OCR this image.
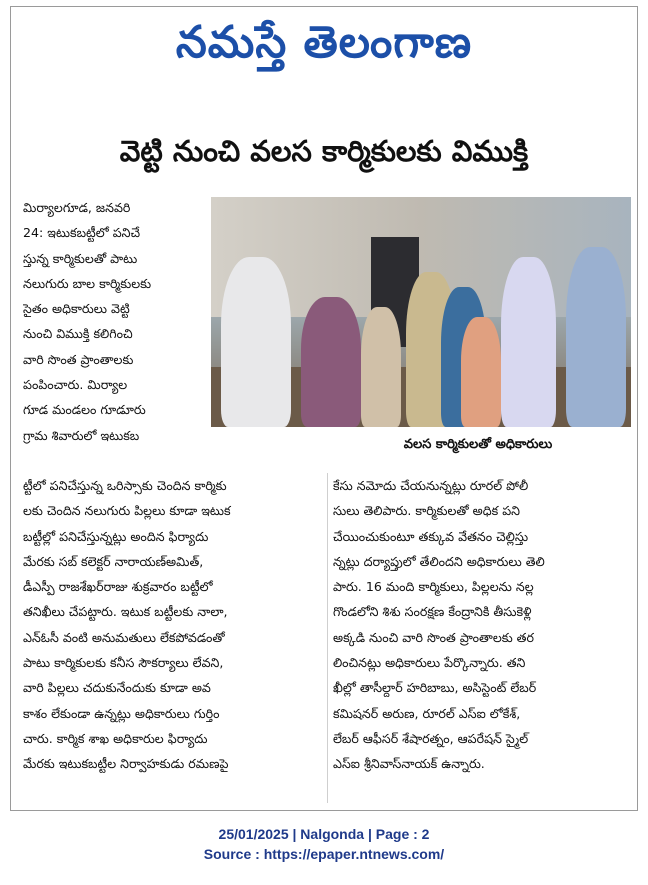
నమస్తే తెలంగాణ
వెట్టి నుంచి వలస కార్మికులకు విముక్తి
మిర్యాలగూడ, జనవరి
24: ఇటుకబట్టీలో పనిచే
స్తున్న కార్మికులతో పాటు
నలుగురు బాల కార్మికులకు
సైతం అధికారులు వెట్టి
నుంచి విముక్తి కలిగించి
వారి సొంత ప్రాంతాలకు
పంపించారు. మిర్యాల
గూడ మండలం గూడూరు
గ్రామ శివారులో ఇటుకబ
వలస కార్మికులతో అధికారులు
ట్టీలో పనిచేస్తున్న ఒరిస్సాకు చెందిన కార్మికు
లకు చెందిన నలుగురు పిల్లలు కూడా ఇటుక
బట్టీల్లో పనిచేస్తున్నట్లు అందిన ఫిర్యాదు
మేరకు సబ్ కలెక్టర్ నారాయణ్అమిత్,
డీఎస్పీ రాజశేఖర్‌రాజు శుక్రవారం బట్టీలో
తనిఖీలు చేపట్టారు. ఇటుక బట్టీలకు నాలా,
ఎన్‌ఓసీ వంటి అనుమతులు లేకపోవడంతో
పాటు కార్మికులకు కనీస సౌకర్యాలు లేవని,
వారి పిల్లలు చదుకునేందుకు కూడా అవ
కాశం లేకుండా ఉన్నట్లు అధికారులు గుర్తిం
చారు. కార్మిక శాఖ అధికారుల ఫిర్యాదు
మేరకు ఇటుకబట్టీల నిర్వాహకుడు రమణపై
కేసు నమోదు చేయనున్నట్లు రూరల్ పోలీ
సులు తెలిపారు. కార్మికులతో అధిక పని
చేయించుకుంటూ తక్కువ వేతనం చెల్లిస్తు
న్నట్లు దర్యాప్తులో తేలిందని అధికారులు తెలి
పారు. 16 మంది కార్మికులు, పిల్లలను నల్ల
గొండలోని శిశు సంరక్షణ కేంద్రానికి తీసుకెళ్లి
అక్కడి నుంచి వారి సొంత ప్రాంతాలకు తర
లించినట్లు అధికారులు పేర్కొన్నారు. తని
ఖీల్లో తాసీల్దార్ హరిబాబు, అసిస్టెంట్ లేబర్
కమిషనర్ అరుణ, రూరల్ ఎస్ఐ లోకేశ్,
లేబర్ ఆఫీసర్ శేషారత్నం, ఆపరేషన్ స్మైల్
ఎస్ఐ శ్రీనివాస్‌నాయక్ ఉన్నారు.
25/01/2025 | Nalgonda | Page : 2
Source : https://epaper.ntnews.com/
